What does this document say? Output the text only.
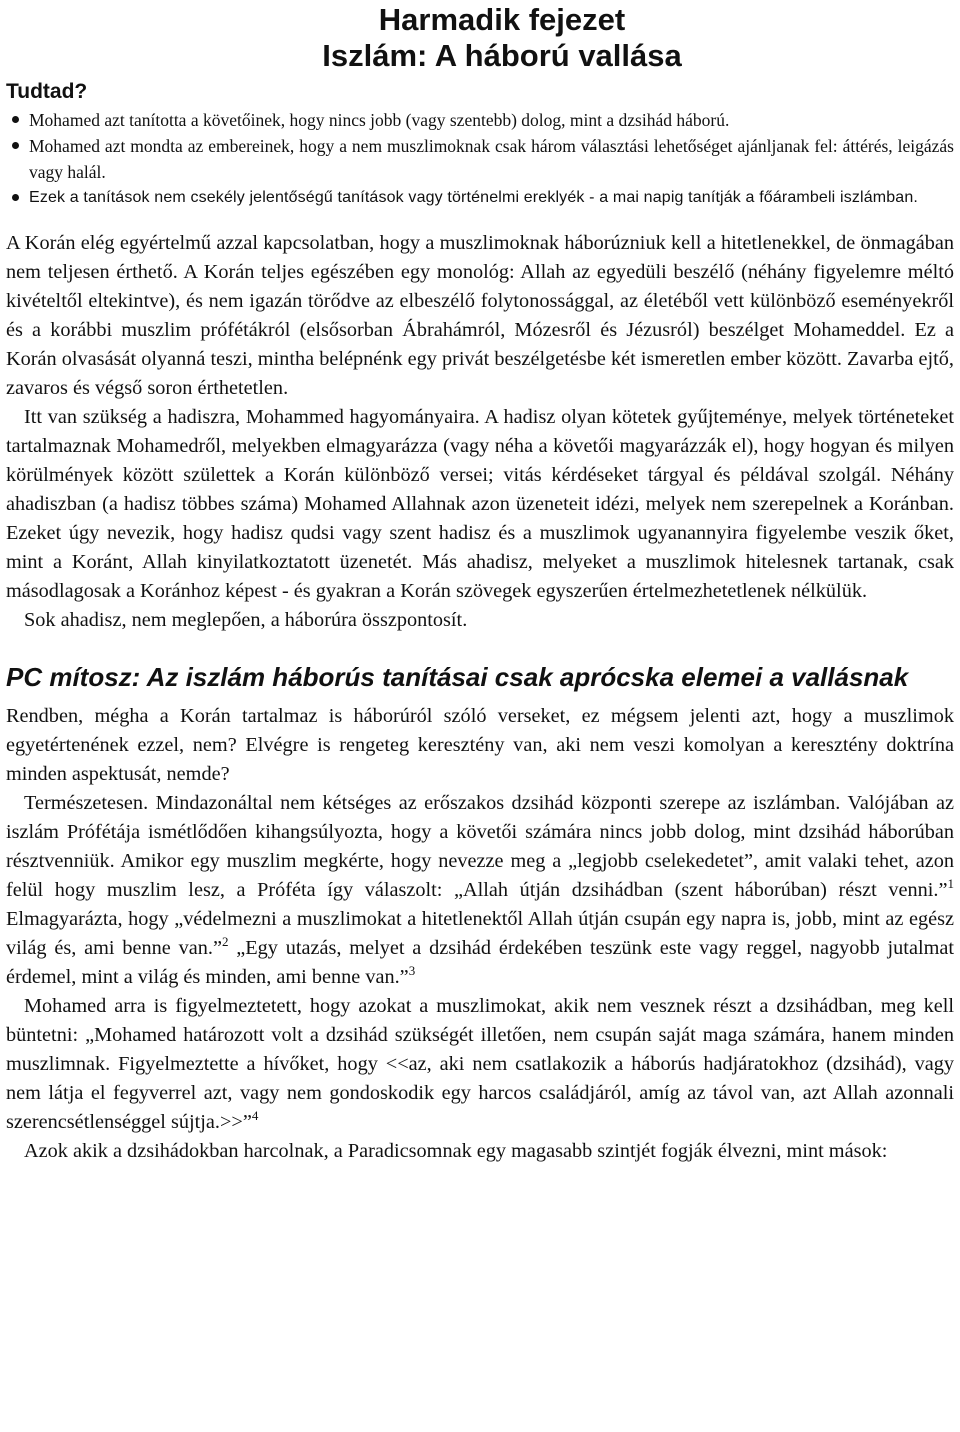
Harmadik fejezet
Iszlám: A háború vallása
Tudtad?
Mohamed azt tanította a követőinek, hogy nincs jobb (vagy szentebb) dolog, mint a dzsihád háború.
Mohamed azt mondta az embereinek, hogy a nem muszlimoknak csak három választási lehetőséget ajánljanak fel: áttérés, leigázás vagy halál.
Ezek a tanítások nem csekély jelentőségű tanítások vagy történelmi ereklyék - a mai napig tanítják a főárambeli iszlámban.

A Korán elég egyértelmű azzal kapcsolatban, hogy a muszlimoknak háborúzniuk kell a hitetlenekkel, de önmagában nem teljesen érthető. A Korán teljes egészében egy monológ: Allah az egyedüli beszélő (néhány figyelemre méltó kivételtől eltekintve), és nem igazán törődve az elbeszélő folytonossággal, az életéből vett különböző eseményekről és a korábbi muszlim prófétákról (elsősorban Ábrahámról, Mózesről és Jézusról) beszélget Mohameddel. Ez a Korán olvasását olyanná teszi, mintha belépnénk egy privát beszélgetésbe két ismeretlen ember között. Zavarba ejtő, zavaros és végső soron érthetetlen.

Itt van szükség a hadiszra, Mohammed hagyományaira. A hadisz olyan kötetek gyűjteménye, melyek történeteket tartalmaznak Mohamedről, melyekben elmagyarázza (vagy néha a követői magyarázzák el), hogy hogyan és milyen körülmények között születtek a Korán különböző versei; vitás kérdéseket tárgyal és példával szolgál. Néhány ahadiszban (a hadisz többes száma) Mohamed Allahnak azon üzeneteit idézi, melyek nem szerepelnek a Koránban. Ezeket úgy nevezik, hogy hadisz qudsi vagy szent hadisz és a muszlimok ugyanannyira figyelembe veszik őket, mint a Koránt, Allah kinyilatkoztatott üzenetét. Más ahadisz, melyeket a muszlimok hitelesnek tartanak, csak másodlagosak a Koránhoz képest - és gyakran a Korán szövegek egyszerűen értelmezhetetlenek nélkülük.

Sok ahadisz, nem meglepően, a háborúra összpontosít.

PC mítosz: Az iszlám háborús tanításai csak aprócska elemei a vallásnak

Rendben, mégha a Korán tartalmaz is háborúról szóló verseket, ez mégsem jelenti azt, hogy a muszlimok egyetértenének ezzel, nem? Elvégre is rengeteg keresztény van, aki nem veszi komolyan a keresztény doktrína minden aspektusát, nemde?

Természetesen. Mindazonáltal nem kétséges az erőszakos dzsihád központi szerepe az iszlámban. Valójában az iszlám Prófétája ismétlődően kihangsúlyozta, hogy a követői számára nincs jobb dolog, mint dzsihád háborúban résztvenniük. Amikor egy muszlim megkérte, hogy nevezze meg a „legjobb cselekedetet”, amit valaki tehet, azon felül hogy muszlim lesz, a Próféta így válaszolt: „Allah útján dzsihádban (szent háborúban) részt venni.”$^1$ Elmagyarázta, hogy „védelmezni a muszlimokat a hitetlenektől Allah útján csupán egy napra is, jobb, mint az egész világ és, ami benne van.”$^2$ „Egy utazás, melyet a dzsihád érdekében teszünk este vagy reggel, nagyobb jutalmat érdemel, mint a világ és minden, ami benne van.”$^3$

Mohamed arra is figyelmeztetett, hogy azokat a muszlimokat, akik nem vesznek részt a dzsihádban, meg kell büntetni: „Mohamed határozott volt a dzsihád szükségét illetően, nem csupán saját maga számára, hanem minden muszlimnak. Figyelmeztette a hívőket, hogy <<az, aki nem csatlakozik a háborús hadjáratokhoz (dzsihád), vagy nem látja el fegyverrel azt, vagy nem gondoskodik egy harcos családjáról, amíg az távol van, azt Allah azonnali szerencsétlenséggel sújtja.>>”$^4$

Azok akik a dzsihádokban harcolnak, a Paradicsomnak egy magasabb szintjét fogják élvezni, mint mások:
